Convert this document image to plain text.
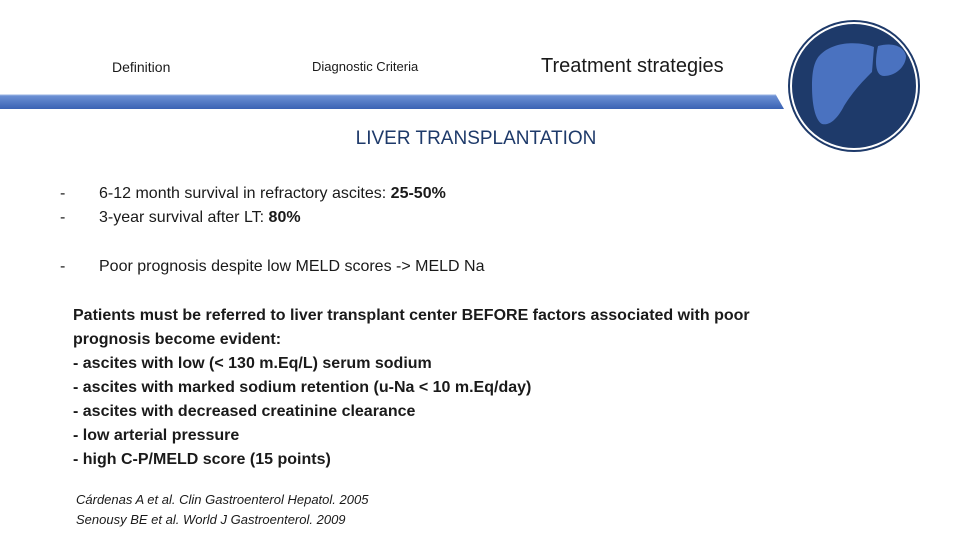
Definition	Diagnostic Criteria	Treatment strategies
LIVER TRANSPLANTATION
- 6-12 month survival in refractory ascites: 25-50%
- 3-year survival after LT: 80%
- Poor prognosis despite low MELD scores -> MELD Na
Patients must be referred to liver transplant center BEFORE factors associated with poor
prognosis become evident:
- ascites with low (< 130 m.Eq/L) serum sodium
- ascites with marked sodium retention (u-Na < 10 m.Eq/day)
- ascites with decreased creatinine clearance
- low arterial pressure
- high C-P/MELD score (15 points)
Cárdenas A et al. Clin Gastroenterol Hepatol. 2005
Senousy BE et al. World J Gastroenterol. 2009
